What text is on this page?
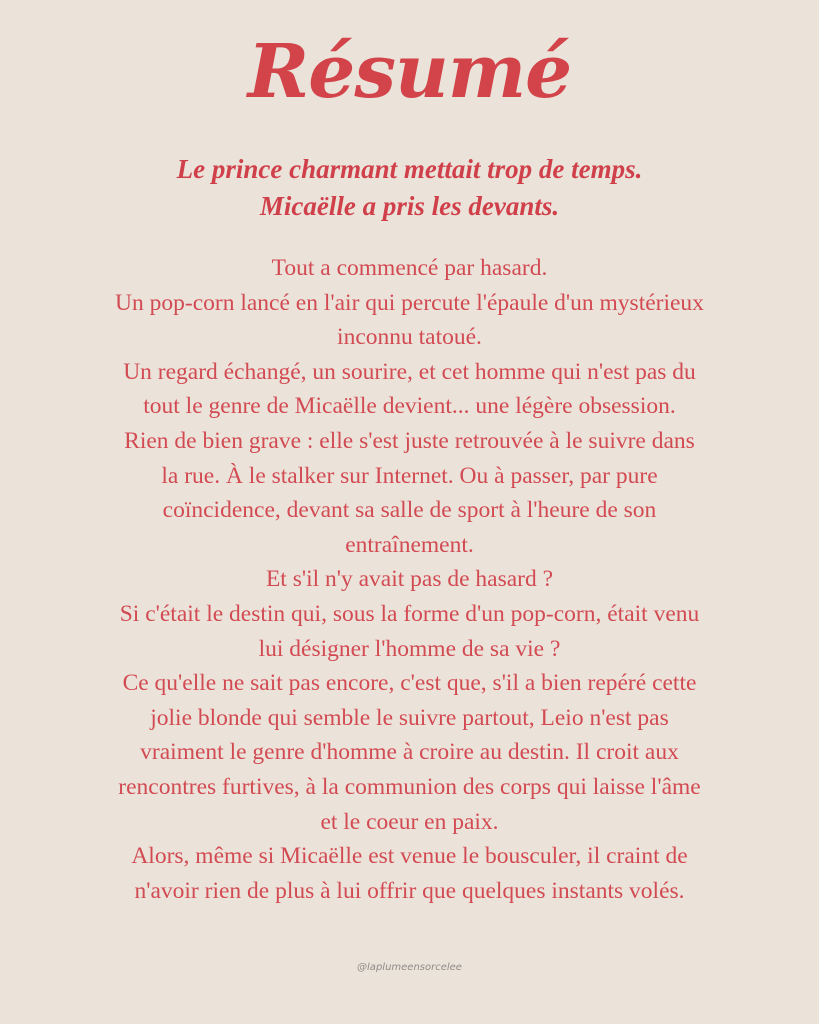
Résumé
Le prince charmant mettait trop de temps.
Micaëlle a pris les devants.
Tout a commencé par hasard.
Un pop-corn lancé en l'air qui percute l'épaule d'un mystérieux
inconnu tatoué.
Un regard échangé, un sourire, et cet homme qui n'est pas du
tout le genre de Micaëlle devient... une légère obsession.
Rien de bien grave : elle s'est juste retrouvée à le suivre dans
la rue. À le stalker sur Internet. Ou à passer, par pure
coïncidence, devant sa salle de sport à l'heure de son
entraînement.
Et s'il n'y avait pas de hasard ?
Si c'était le destin qui, sous la forme d'un pop-corn, était venu
lui désigner l'homme de sa vie ?
Ce qu'elle ne sait pas encore, c'est que, s'il a bien repéré cette
jolie blonde qui semble le suivre partout, Leio n'est pas
vraiment le genre d'homme à croire au destin. Il croit aux
rencontres furtives, à la communion des corps qui laisse l'âme
et le coeur en paix.
Alors, même si Micaëlle est venue le bousculer, il craint de
n'avoir rien de plus à lui offrir que quelques instants volés.
@laplumeensorcelee
